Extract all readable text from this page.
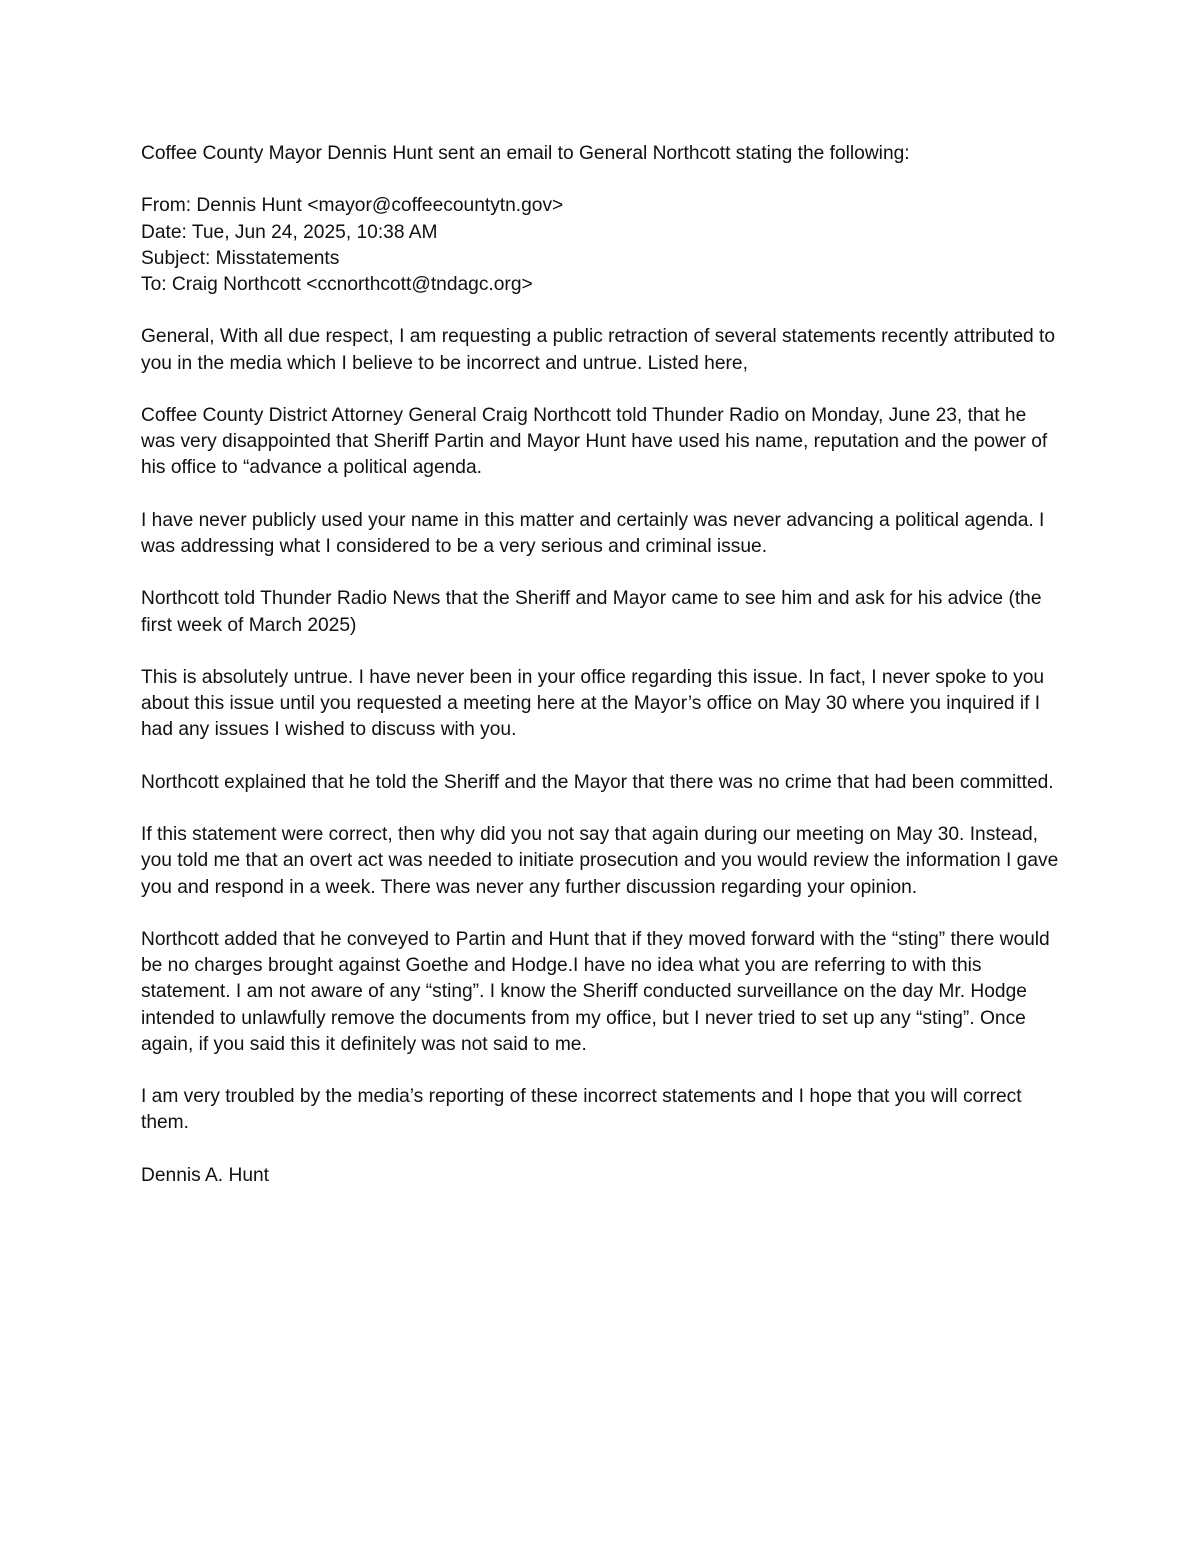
Coffee County Mayor Dennis Hunt sent an email to General Northcott stating the following:

From: Dennis Hunt <mayor@coffeecountytn.gov>
Date: Tue, Jun 24, 2025, 10:38 AM
Subject: Misstatements
To: Craig Northcott <ccnorthcott@tndagc.org>

General, With all due respect, I am requesting a public retraction of several statements recently attributed to you in the media which I believe to be incorrect and untrue. Listed here,

Coffee County District Attorney General Craig Northcott told Thunder Radio on Monday, June 23, that he was very disappointed that Sheriff Partin and Mayor Hunt have used his name, reputation and the power of his office to “advance a political agenda.

I have never publicly used your name in this matter and certainly was never advancing a political agenda. I was addressing what I considered to be a very serious and criminal issue.

Northcott told Thunder Radio News that the Sheriff and Mayor came to see him and ask for his advice (the first week of March 2025)

This is absolutely untrue. I have never been in your office regarding this issue. In fact, I never spoke to you about this issue until you requested a meeting here at the Mayor’s office on May 30 where you inquired if I had any issues I wished to discuss with you.

Northcott explained that he told the Sheriff and the Mayor that there was no crime that had been committed.

If this statement were correct, then why did you not say that again during our meeting on May 30. Instead, you told me that an overt act was needed to initiate prosecution and you would review the information I gave you and respond in a week. There was never any further discussion regarding your opinion.

Northcott added that he conveyed to Partin and Hunt that if they moved forward with the “sting” there would be no charges brought against Goethe and Hodge.I have no idea what you are referring to with this statement. I am not aware of any “sting”. I know the Sheriff conducted surveillance on the day Mr. Hodge intended to unlawfully remove the documents from my office, but I never tried to set up any “sting”. Once again, if you said this it definitely was not said to me.

I am very troubled by the media’s reporting of these incorrect statements and I hope that you will correct them.

Dennis A. Hunt
